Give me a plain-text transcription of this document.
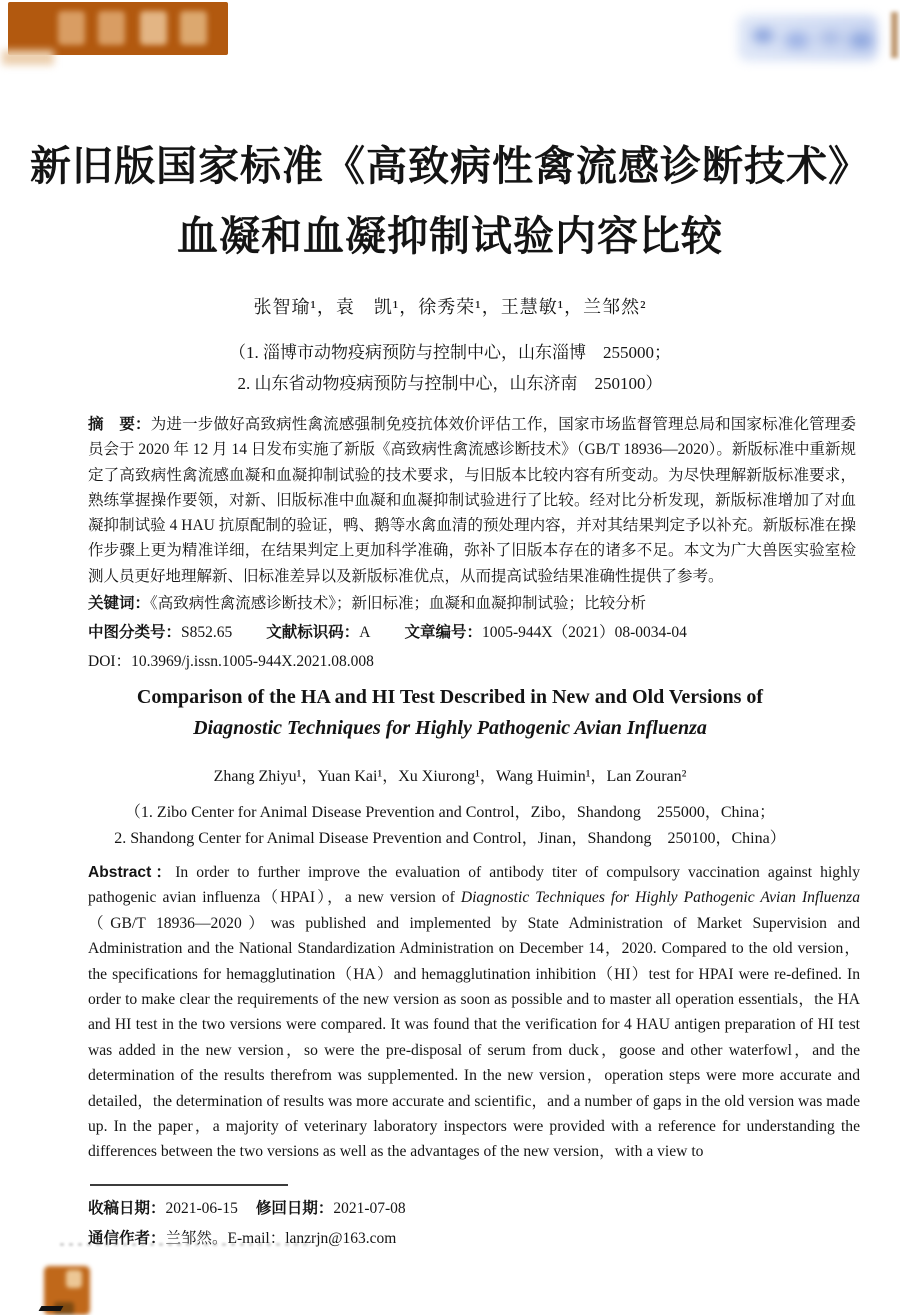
新旧版国家标准《高致病性禽流感诊断技术》
血凝和血凝抑制试验内容比较
张智瑜¹，袁　凯¹，徐秀荣¹，王慧敏¹，兰邹然²
（1. 淄博市动物疫病预防与控制中心，山东淄博　255000；
2. 山东省动物疫病预防与控制中心，山东济南　250100）
摘　要：为进一步做好高致病性禽流感强制免疫抗体效价评估工作，国家市场监督管理总局和国家标准化管理委员会于 2020 年 12 月 14 日发布实施了新版《高致病性禽流感诊断技术》（GB/T 18936—2020）。新版标准中重新规定了高致病性禽流感血凝和血凝抑制试验的技术要求，与旧版本比较内容有所变动。为尽快理解新版标准要求，熟练掌握操作要领，对新、旧版标准中血凝和血凝抑制试验进行了比较。经对比分析发现，新版标准增加了对血凝抑制试验 4 HAU 抗原配制的验证，鸭、鹅等水禽血清的预处理内容，并对其结果判定予以补充。新版标准在操作步骤上更为精准详细，在结果判定上更加科学准确，弥补了旧版本存在的诸多不足。本文为广大兽医实验室检测人员更好地理解新、旧标准差异以及新版标准优点，从而提高试验结果准确性提供了参考。
关键词：《高致病性禽流感诊断技术》；新旧标准；血凝和血凝抑制试验；比较分析
中图分类号：S852.65 文献标识码：A 文章编号：1005-944X（2021）08-0034-04
DOI：10.3969/j.issn.1005-944X.2021.08.008
Comparison of the HA and HI Test Described in New and Old Versions of
Diagnostic Techniques for Highly Pathogenic Avian Influenza
Zhang Zhiyu¹，Yuan Kai¹，Xu Xiurong¹，Wang Huimin¹，Lan Zouran²
（1. Zibo Center for Animal Disease Prevention and Control，Zibo，Shandong　255000，China；
2. Shandong Center for Animal Disease Prevention and Control，Jinan，Shandong　250100，China）
Abstract：In order to further improve the evaluation of antibody titer of compulsory vaccination against highly pathogenic avian influenza（HPAI），a new version of Diagnostic Techniques for Highly Pathogenic Avian Influenza（GB/T 18936—2020）was published and implemented by State Administration of Market Supervision and Administration and the National Standardization Administration on December 14，2020. Compared to the old version，the specifications for hemagglutination（HA）and hemagglutination inhibition（HI）test for HPAI were re-defined. In order to make clear the requirements of the new version as soon as possible and to master all operation essentials，the HA and HI test in the two versions were compared. It was found that the verification for 4 HAU antigen preparation of HI test was added in the new version，so were the pre-disposal of serum from duck，goose and other waterfowl，and the determination of the results therefrom was supplemented. In the new version，operation steps were more accurate and detailed，the determination of results was more accurate and scientific，and a number of gaps in the old version was made up. In the paper，a majority of veterinary laboratory inspectors were provided with a reference for understanding the differences between the two versions as well as the advantages of the new version，with a view to
收稿日期：2021-06-15 修回日期：2021-07-08
通信作者：兰邹然。E-mail：lanzrjn@163.com
